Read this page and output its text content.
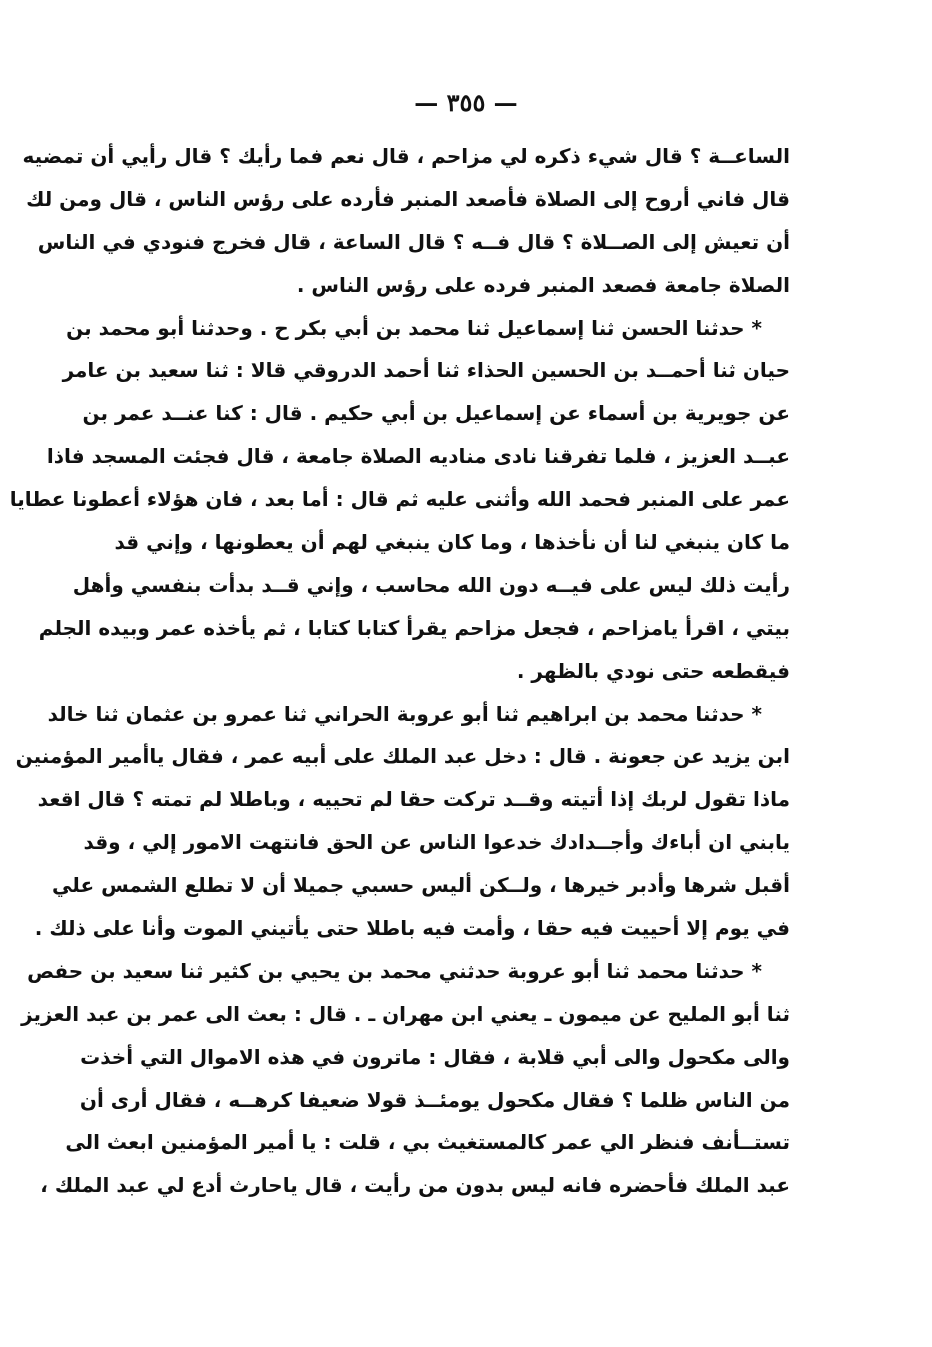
— ٣٥٥ —
الساعــة ؟ قال شيء ذكره لي مزاحم ، قال نعم فما رأيك ؟ قال رأيي أن تمضيه
قال فاني أروح إلى الصلاة فأصعد المنبر فأرده على رؤس الناس ، قال ومن لك
أن تعيش إلى الصــلاة ؟ قال فــه ؟ قال الساعة ، قال فخرج فنودي في الناس
الصلاة جامعة فصعد المنبر فرده على رؤس الناس .
* حدثنا الحسن ثنا إسماعيل ثنا محمد بن أبي بكر ح . وحدثنا أبو محمد بن
حيان ثنا أحمــد بن الحسين الحذاء ثنا أحمد الدروقي قالا : ثنا سعيد بن عامر
عن جويرية بن أسماء عن إسماعيل بن أبي حكيم . قال : كنا عنــد عمر بن
عبــد العزيز ، فلما تفرقنا نادى مناديه الصلاة جامعة ، قال فجئت المسجد فاذا
عمر على المنبر فحمد الله وأثنى عليه ثم قال : أما بعد ، فان هؤلاء أعطونا عطايا
ما كان ينبغي لنا أن نأخذها ، وما كان ينبغي لهم أن يعطونها ، وإني قد
رأيت ذلك ليس على فيــه دون الله محاسب ، وإني قــد بدأت بنفسي وأهل
بيتي ، اقرأ يامزاحم ، فجعل مزاحم يقرأ كتابا كتابا ، ثم يأخذه عمر وبيده الجلم
فيقطعه حتى نودي بالظهر .
* حدثنا محمد بن ابراهيم ثنا أبو عروبة الحراني ثنا عمرو بن عثمان ثنا خالد
ابن يزيد عن جعونة . قال : دخل عبد الملك على أبيه عمر ، فقال ياأمير المؤمنين
ماذا تقول لربك إذا أتيته وقــد تركت حقا لم تحييه ، وباطلا لم تمته ؟ قال اقعد
يابني ان أباءك وأجــدادك خدعوا الناس عن الحق فانتهت الامور إلي ، وقد
أقبل شرها وأدبر خيرها ، ولــكن أليس حسبي جميلا أن لا تطلع الشمس علي
في يوم إلا أحييت فيه حقا ، وأمت فيه باطلا حتى يأتيني الموت وأنا على ذلك .
* حدثنا محمد ثنا أبو عروبة حدثني محمد بن يحيي بن كثير ثنا سعيد بن حفص
ثنا أبو المليح عن ميمون ـ يعني ابن مهران ـ . قال : بعث الى عمر بن عبد العزيز
والى مكحول والى أبي قلابة ، فقال : ماترون في هذه الاموال التي أخذت
من الناس ظلما ؟ فقال مكحول يومئــذ قولا ضعيفا كرهــه ، فقال أرى أن
تستــأنف فنظر الي عمر كالمستغيث بي ، قلت : يا أمير المؤمنين ابعث الى
عبد الملك فأحضره فانه ليس بدون من رأيت ، قال ياحارث أدع لي عبد الملك ،
